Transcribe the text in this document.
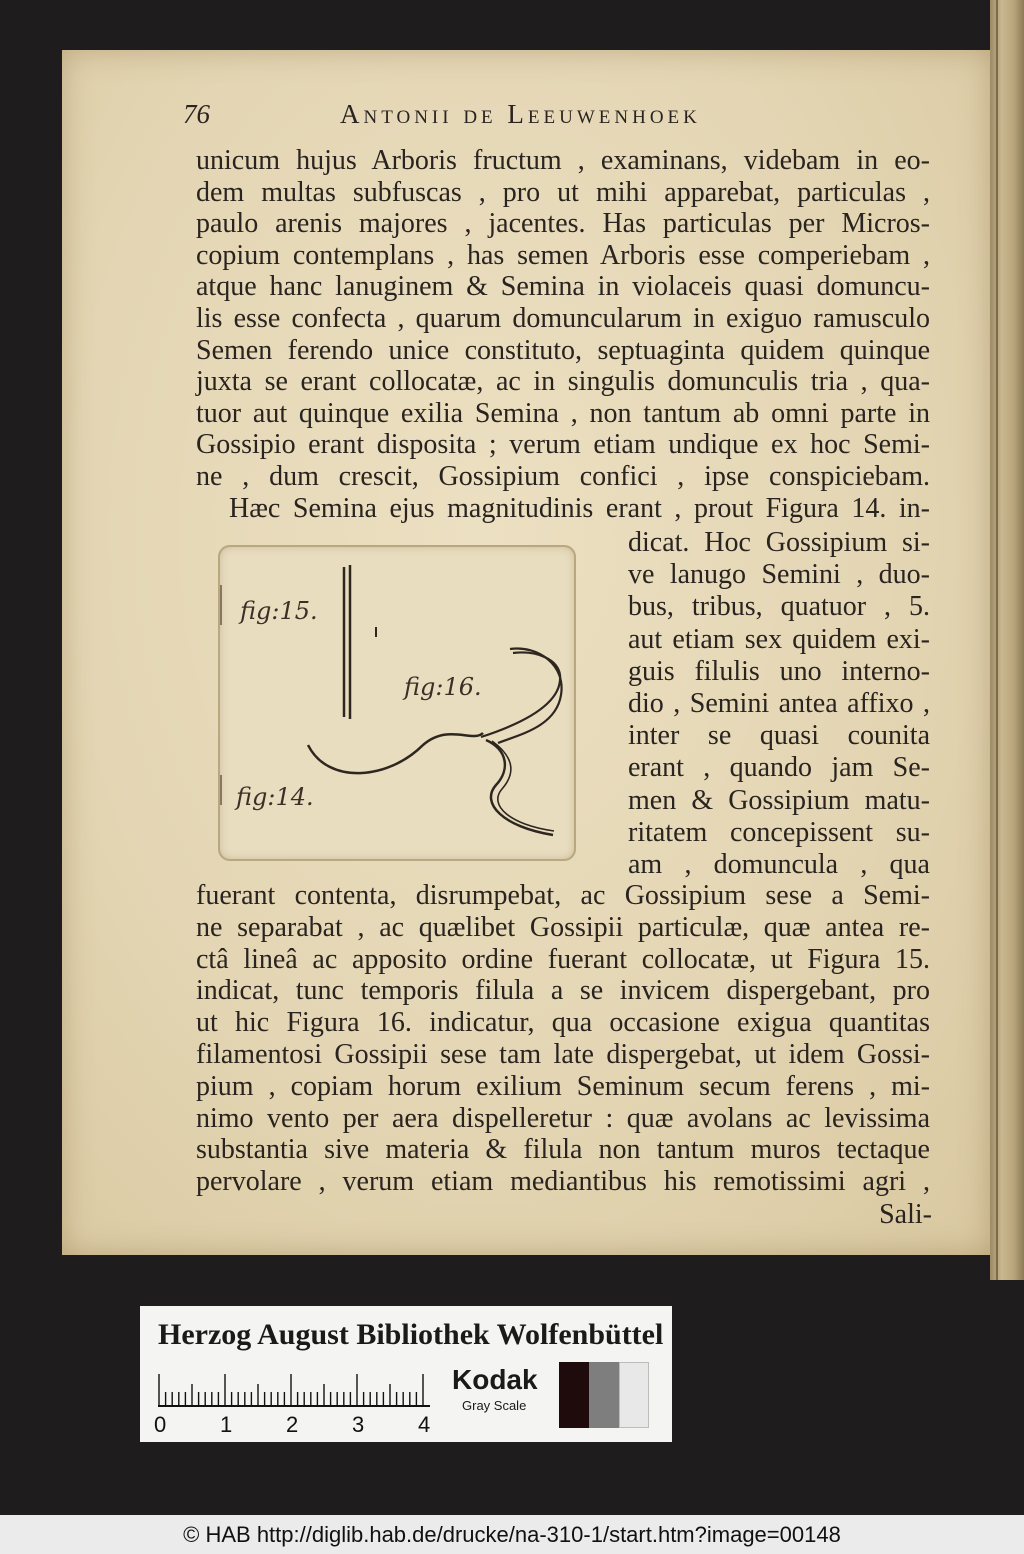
76	Antonii de Leeuwenhoek
unicum hujus Arboris fructum , examinans, videbam in eo-
dem multas subfuscas , pro ut mihi apparebat, particulas ,
paulo arenis majores , jacentes. Has particulas per Micros-
copium contemplans , has semen Arboris esse comperiebam ,
atque hanc lanuginem & Semina in violaceis quasi domuncu-
lis esse confecta , quarum domuncularum in exiguo ramusculo
Semen ferendo unice constituto, septuaginta quidem quinque
juxta se erant collocatæ, ac in singulis domunculis tria , qua-
tuor aut quinque exilia Semina , non tantum ab omni parte in
Gossipio erant disposita ; verum etiam undique ex hoc Semi-
ne , dum crescit, Gossipium confici , ipse conspiciebam.
Hæc Semina ejus magnitudinis erant , prout Figura 14. in-
dicat. Hoc Gossipium si-
ve lanugo Semini , duo-
bus, tribus, quatuor , 5.
aut etiam sex quidem exi-
guis filulis uno interno-
dio , Semini antea affixo ,
inter se quasi counita
erant , quando jam Se-
men & Gossipium matu-
ritatem concepissent su-
am , domuncula , qua
fuerant contenta, disrumpebat, ac Gossipium sese a Semi-
ne separabat , ac quælibet Gossipii particulæ, quæ antea re-
ctâ lineâ ac apposito ordine fuerant collocatæ, ut Figura 15.
indicat, tunc temporis filula a se invicem dispergebant, pro
ut hic Figura 16. indicatur, qua occasione exigua quantitas
filamentosi Gossipii sese tam late dispergebat, ut idem Gossi-
pium , copiam horum exilium Seminum secum ferens , mi-
nimo vento per aera dispelleretur : quæ avolans ac levissima
substantia sive materia & filula non tantum muros tectaque
pervolare , verum etiam mediantibus his remotissimi agri ,
Sali-
fig:15.
fig:16.
fig:14.
Herzog August Bibliothek Wolfenbüttel
0 1 2 3 4
Kodak
Gray Scale
© HAB http://diglib.hab.de/drucke/na-310-1/start.htm?image=00148
